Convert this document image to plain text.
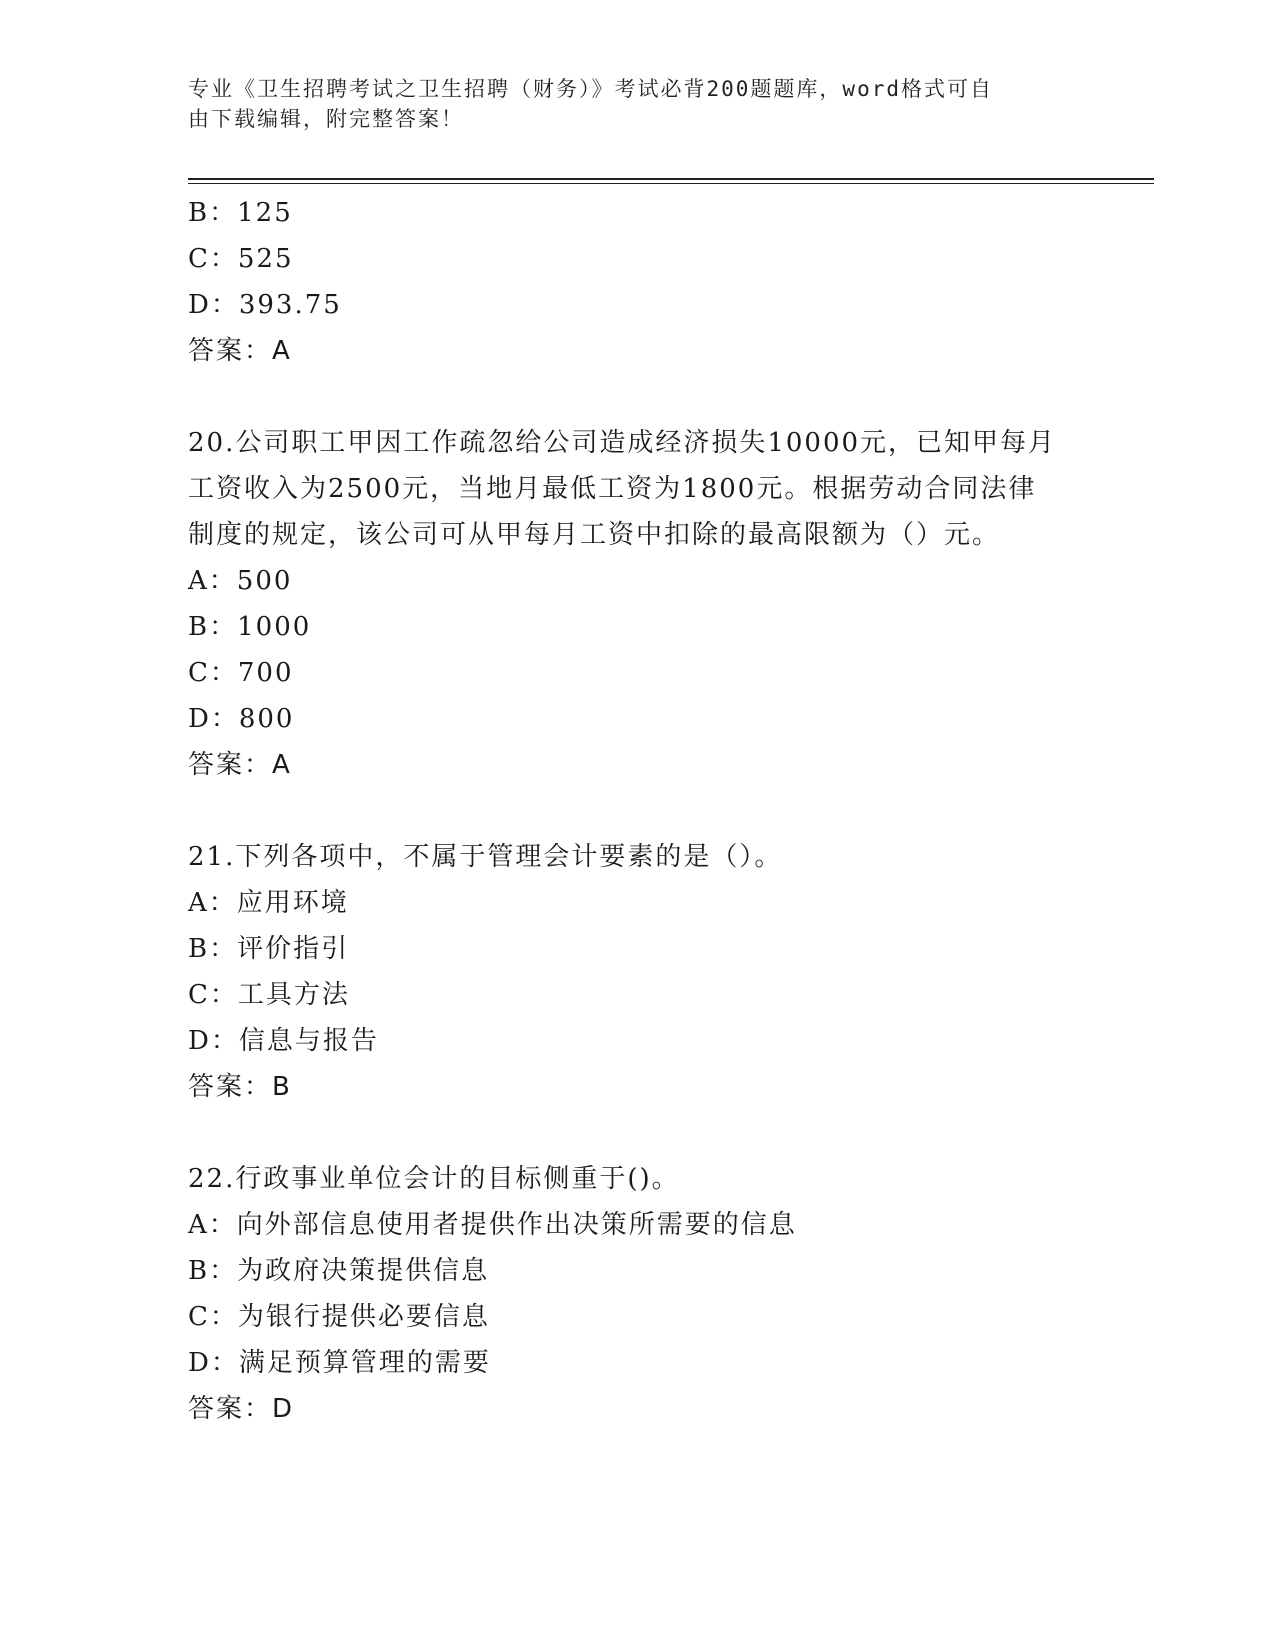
专业《卫生招聘考试之卫生招聘（财务）》考试必背200题题库，word格式可自
由下载编辑，附完整答案！
B：125
C：525
D：393.75
答案：A
20.公司职工甲因工作疏忽给公司造成经济损失10000元，已知甲每月
工资收入为2500元，当地月最低工资为1800元。根据劳动合同法律
制度的规定，该公司可从甲每月工资中扣除的最高限额为（）元。
A：500
B：1000
C：700
D：800
答案：A
21.下列各项中，不属于管理会计要素的是（）。
A：应用环境
B：评价指引
C：工具方法
D：信息与报告
答案：B
22.行政事业单位会计的目标侧重于()。
A：向外部信息使用者提供作出决策所需要的信息
B：为政府决策提供信息
C：为银行提供必要信息
D：满足预算管理的需要
答案：D
